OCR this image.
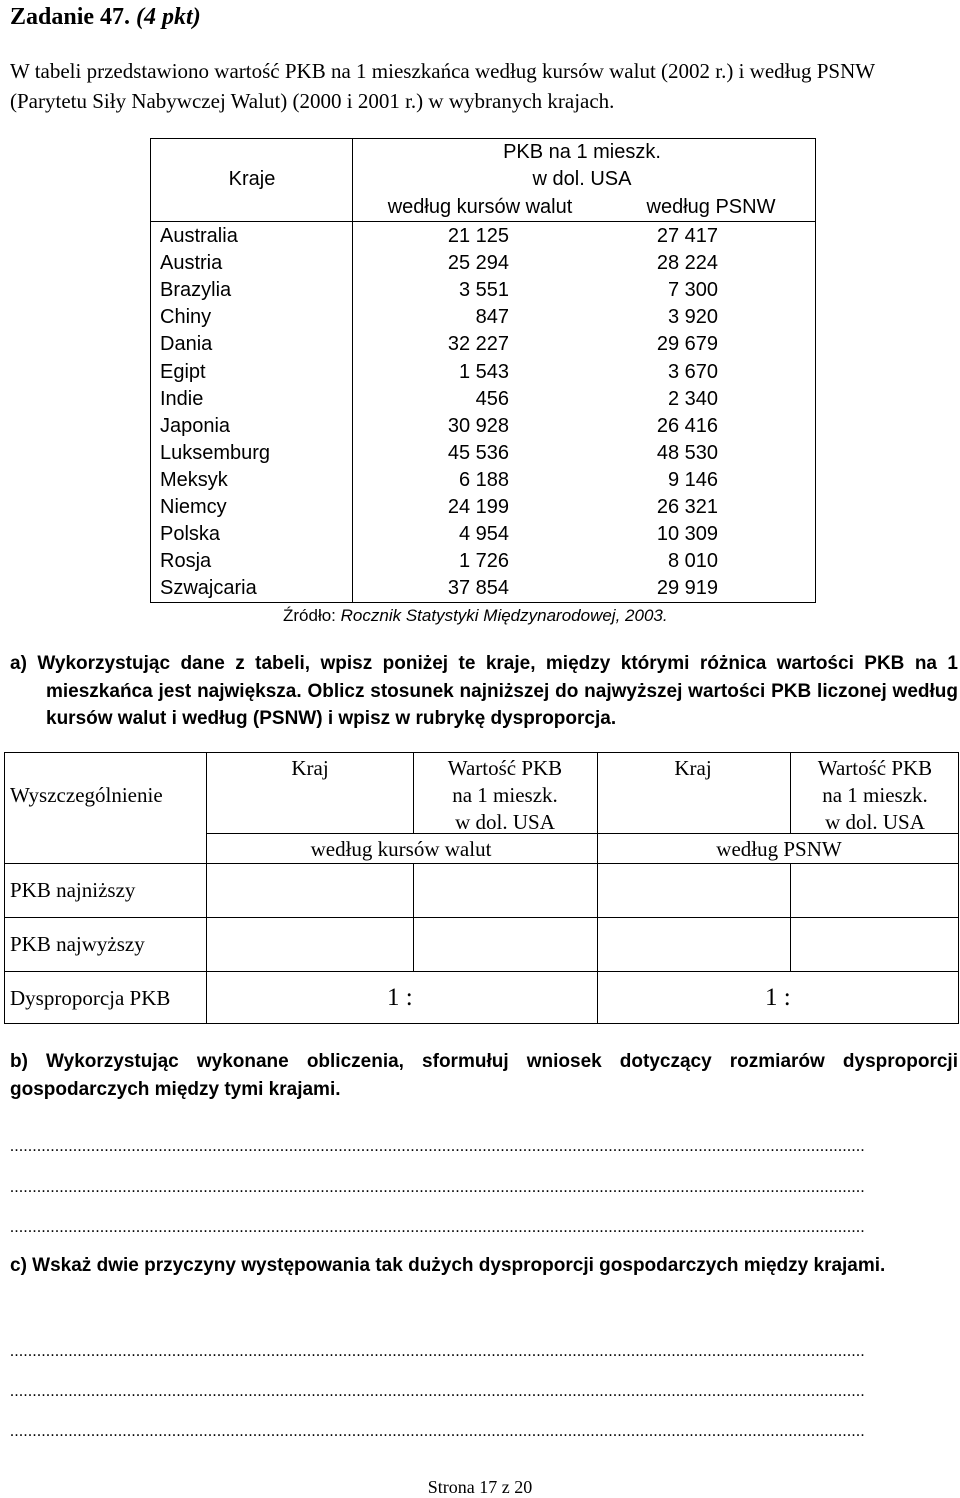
Zadanie 47. (4 pkt)
W tabeli przedstawiono wartość PKB na 1 mieszkańca według kursów walut (2002 r.) i według PSNW (Parytetu Siły Nabywczej Walut) (2000 i 2001 r.) w wybranych krajach.
Kraje
PKB na 1 mieszk.
w dol. USA
według kursów walut	według PSNW
Australia	21 125	27 417
Austria	25 294	28 224
Brazylia	3 551	7 300
Chiny	847	3 920
Dania	32 227	29 679
Egipt	1 543	3 670
Indie	456	2 340
Japonia	30 928	26 416
Luksemburg	45 536	48 530
Meksyk	6 188	9 146
Niemcy	24 199	26 321
Polska	4 954	10 309
Rosja	1 726	8 010
Szwajcaria	37 854	29 919
Źródło: Rocznik Statystyki Międzynarodowej, 2003.
a) Wykorzystując dane z tabeli, wpisz poniżej te kraje, między którymi różnica wartości PKB na 1 mieszkańca jest największa. Oblicz stosunek najniższej do najwyższej wartości PKB liczonej według kursów walut i według (PSNW) i wpisz w rubrykę dysproporcja.
Wyszczególnienie
Kraj	Wartość PKB
na 1 mieszk.
w dol. USA
Kraj	Wartość PKB
na 1 mieszk.
w dol. USA
według kursów walut	według PSNW
PKB najniższy
PKB najwyższy
Dysproporcja PKB	1 :	1 :
b) Wykorzystując wykonane obliczenia, sformułuj wniosek dotyczący rozmiarów dysproporcji gospodarczych między tymi krajami.
..............................................................................................................................................................................................
..............................................................................................................................................................................................
..............................................................................................................................................................................................
c) Wskaż dwie przyczyny występowania tak dużych dysproporcji gospodarczych między krajami.
..............................................................................................................................................................................................
..............................................................................................................................................................................................
..............................................................................................................................................................................................
Strona 17 z 20
